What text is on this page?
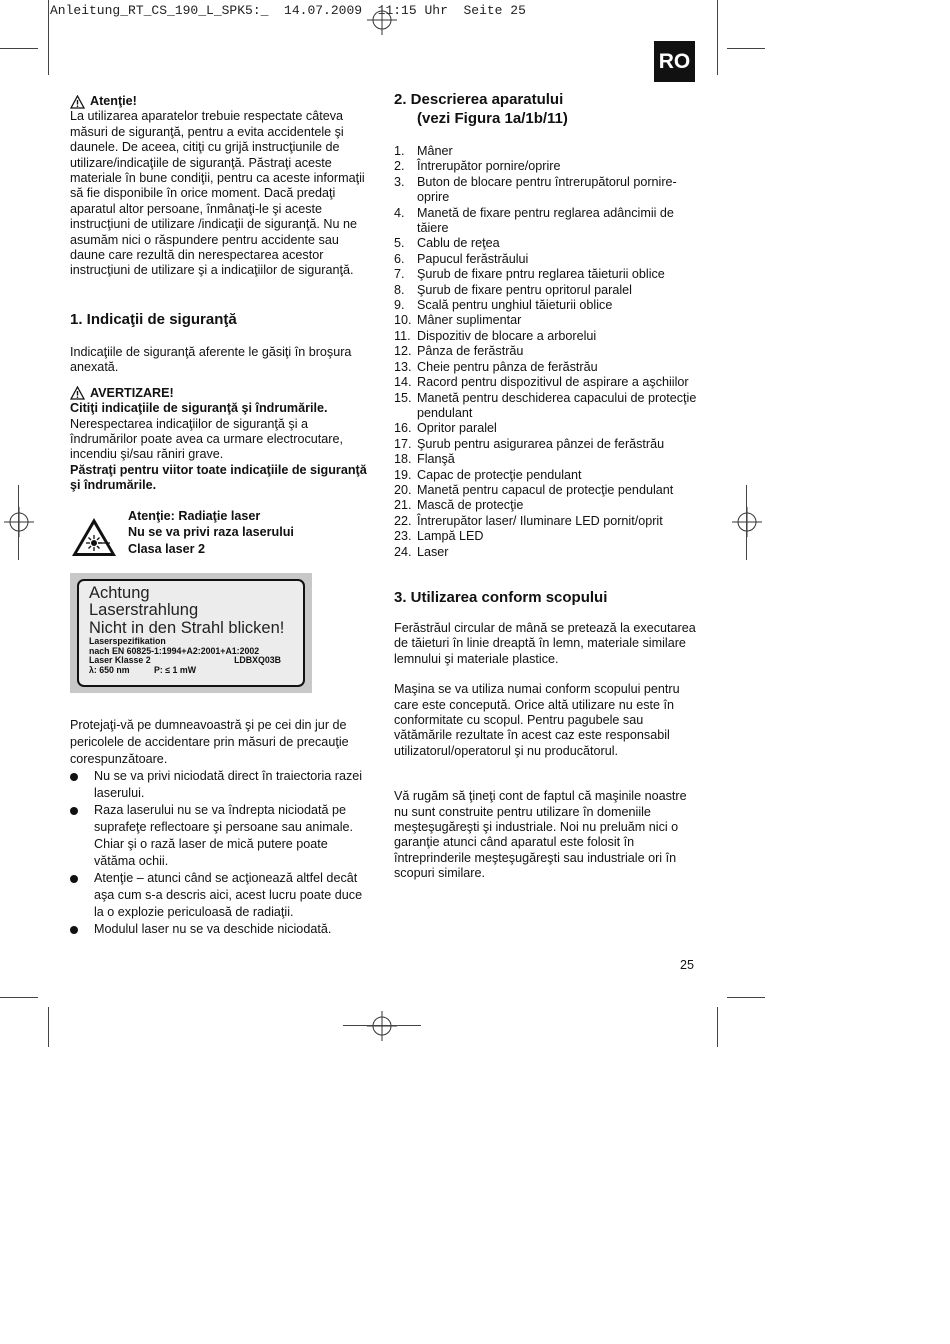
Anleitung_RT_CS_190_L_SPK5:_  14.07.2009  11:15 Uhr  Seite 25
RO
Atenţie!

La utilizarea aparatelor trebuie respectate câteva măsuri de siguranţă, pentru a evita accidentele şi daunele. De aceea, citiţi cu grijă instrucţiunile de utilizare/indicaţiile de siguranţă. Păstraţi aceste materiale în bune condiţii, pentru ca aceste informaţii să fie disponibile în orice moment. Dacă predaţi aparatul altor persoane, înmânaţi-le şi aceste instrucţiuni de utilizare /indicaţii de siguranţă. Nu ne asumăm nici o răspundere pentru accidente sau daune care rezultă din nerespectarea acestor instrucţiuni de utilizare şi a indicaţiilor de siguranţă.

1. Indicaţii de siguranţă

Indicaţiile de siguranţă aferente le găsiţi în broşura anexată.

AVERTIZARE!

Citiţi indicaţiile de siguranţă şi îndrumările.

Nerespectarea indicaţiilor de siguranţă şi a îndrumărilor poate avea ca urmare electrocutare, incendiu şi/sau răniri grave.

Păstraţi pentru viitor toate indicaţiile de siguranţă şi îndrumările.

Atenţie: Radiaţie laser
Nu se va privi raza laserului
Clasa laser 2
Achtung
Laserstrahlung
Nicht in den Strahl blicken!
Laserspezifikation
nach EN 60825-1:1994+A2:2001+A1:2002
Laser Klasse 2	LDBXQ03B
λ: 650 nm	P: ≤ 1 mW

Protejaţi-vă pe dumneavoastră şi pe cei din jur de pericolele de accidentare prin măsuri de precauţie corespunzătoare.

Nu se va privi niciodată direct în traiectoria razei laserului.
Raza laserului nu se va îndrepta niciodată pe suprafeţe reflectoare şi persoane sau animale. Chiar şi o rază laser de mică putere poate vătăma ochii.
Atenţie – atunci când se acţionează altfel decât aşa cum s-a descris aici, acest lucru poate duce la o explozie periculoasă de radiaţii.
Modulul laser nu se va deschide niciodată.
2. Descrierea aparatului
(vezi Figura 1a/1b/11)
1. Mâner
2. Întrerupător pornire/oprire
3. Buton de blocare pentru întrerupătorul pornire-oprire
4. Manetă de fixare pentru reglarea adâncimii de tăiere
5. Cablu de reţea
6. Papucul ferăstrăului
7. Şurub de fixare pntru reglarea tăieturii oblice
8. Şurub de fixare pentru opritorul paralel
9. Scală pentru unghiul tăieturii oblice
10. Mâner suplimentar
11. Dispozitiv de blocare a arborelui
12. Pânza de ferăstrău
13. Cheie pentru pânza de ferăstrău
14. Racord pentru dispozitivul de aspirare a aşchiilor
15. Manetă pentru deschiderea capacului de protecţie pendulant
16. Opritor paralel
17. Şurub pentru asigurarea pânzei de ferăstrău
18. Flanşă
19. Capac de protecţie pendulant
20. Manetă pentru capacul de protecţie pendulant
21. Mască de protecţie
22. Întrerupător laser/ Iluminare LED pornit/oprit
23. Lampă LED
24. Laser
3. Utilizarea conform scopului

Ferăstrăul circular de mână se pretează la executarea de tăieturi în linie dreaptă în lemn, materiale similare lemnului şi materiale plastice.

Maşina se va utiliza numai conform scopului pentru care este concepută. Orice altă utilizare nu este în conformitate cu scopul. Pentru pagubele sau vătămările rezultate în acest caz este responsabil utilizatorul/operatorul şi nu producătorul.

Vă rugăm să ţineţi cont de faptul că maşinile noastre nu sunt construite pentru utilizare în domeniile meşteşugăreşti şi industriale. Noi nu preluăm nici o garanţie atunci când aparatul este folosit în întreprinderile meşteşugăreşti sau industriale ori în scopuri similare.

25
